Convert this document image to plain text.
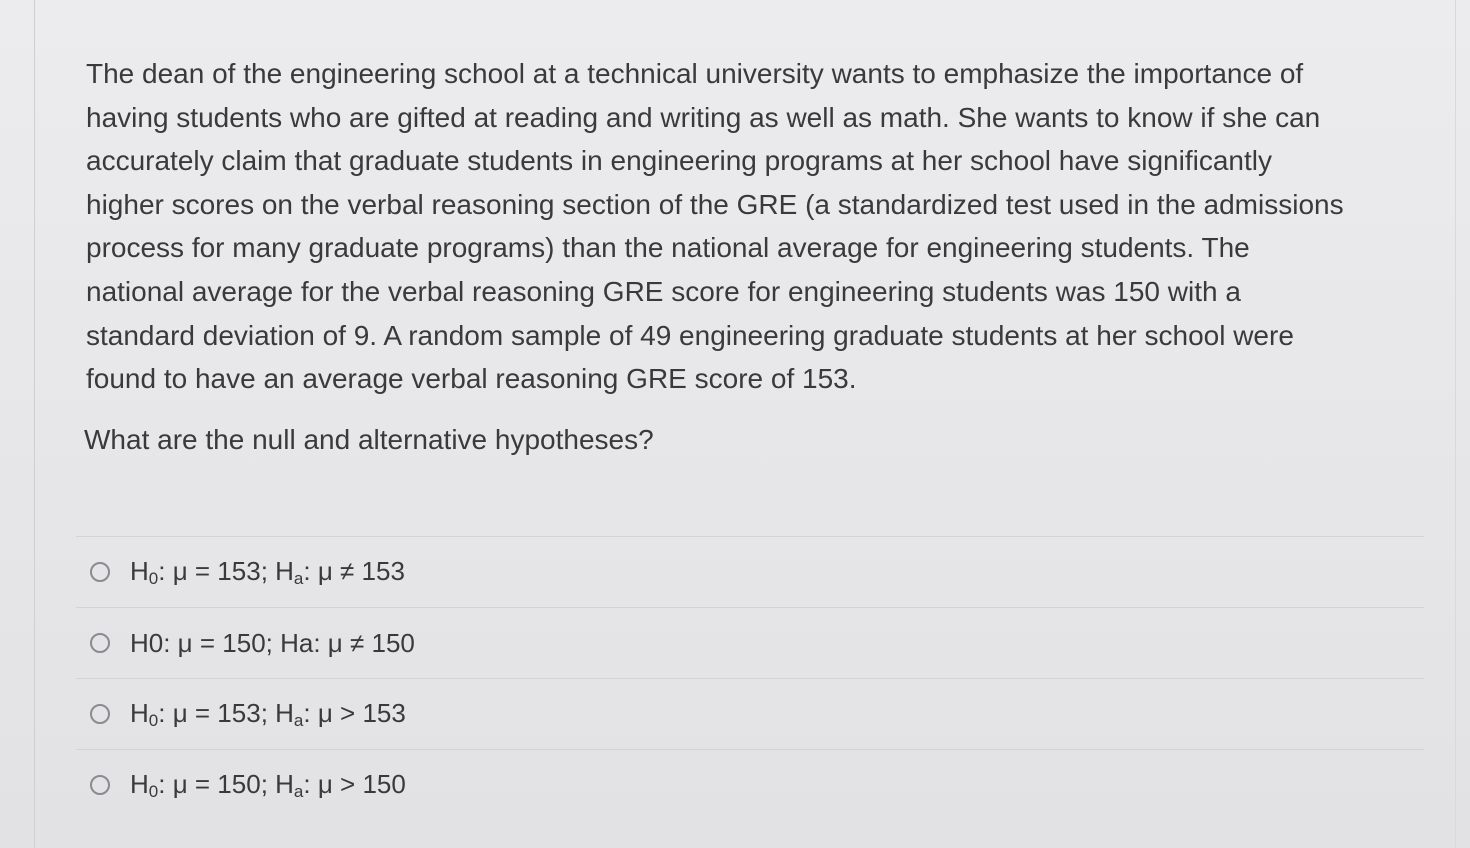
The dean of the engineering school at a technical university wants to emphasize the importance of

having students who are gifted at reading and writing as well as math. She wants to know if she can

accurately claim that graduate students in engineering programs at her school have significantly

higher scores on the verbal reasoning section of the GRE (a standardized test used in the admissions

process for many graduate programs) than the national average for engineering students. The

national average for the verbal reasoning GRE score for engineering students was 150 with a

standard deviation of 9. A random sample of 49 engineering graduate students at her school were

found to have an average verbal reasoning GRE score of 153.

What are the null and alternative hypotheses?
$H_0$: μ = 153; $H_a$: μ ≠ 153
H0: μ = 150; Ha: μ ≠ 150
$H_0$: μ = 153; $H_a$: μ > 153
$H_0$: μ = 150; $H_a$: μ > 150
